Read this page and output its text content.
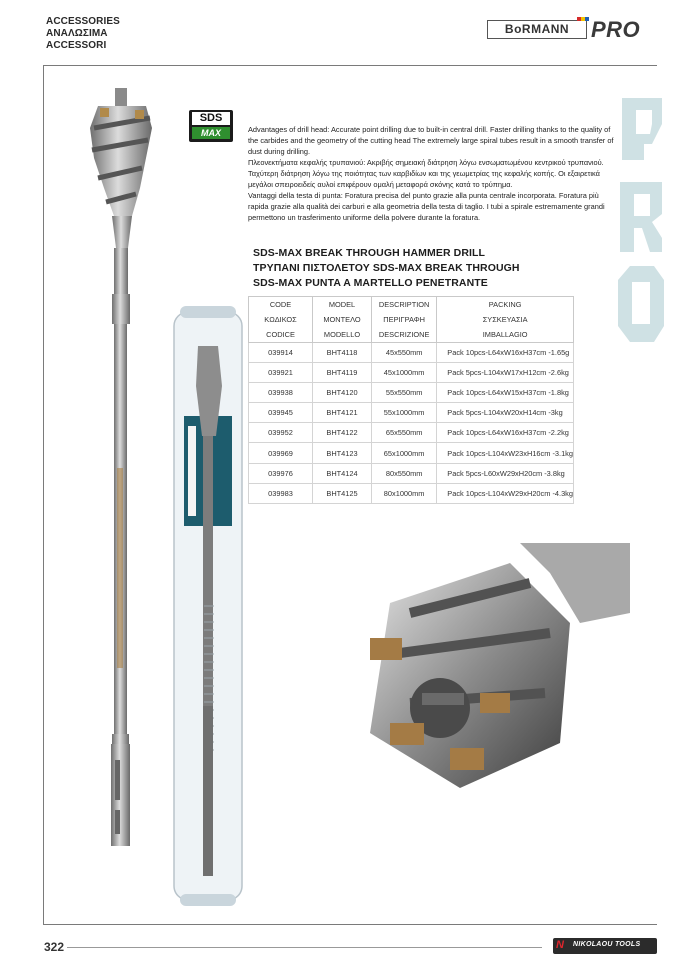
ACCESSORIES
ΑΝΑΛΩΣΙΜΑ
ACCESSORI
BoRMANN PRO
SDS
MAX	Advantages of drill head: Accurate point drilling due to built-in central drill. Faster drilling thanks to the quality of the carbides and the geometry of the cutting head The extremely large spiral tubes result in a smooth transfer of dust during drilling.

Πλεονεκτήματα κεφαλής τρυπανιού: Ακριβής σημειακή διάτρηση λόγω ενσωματωμένου κεντρικού τρυπανιού. Ταχύτερη διάτρηση λόγω της ποιότητας των καρβιδίων και της γεωμετρίας της κεφαλής κοπής. Οι εξαιρετικά μεγάλοι σπειροειδείς αυλοί επιφέρουν ομαλή μεταφορά σκόνης κατά το τρύπημα.

Vantaggi della testa di punta: Foratura precisa del punto grazie alla punta centrale incorporata. Foratura più rapida grazie alla qualità dei carburi e alla geometria della testa di taglio. I tubi a spirale estremamente grandi permettono un trasferimento uniforme della polvere durante la foratura.

SDS-MAX BREAK THROUGH HAMMER DRILL
ΤΡΥΠΑΝΙ ΠΙΣΤΟΛΕΤΟΥ SDS-MAX BREAK THROUGH
SDS-MAX PUNTA A MARTELLO PENETRANTE
CODE	MODEL	DESCRIPTION	PACKING
ΚΩΔΙΚΟΣ	ΜΟΝΤΕΛΟ	ΠΕΡΙΓΡΑΦΗ	ΣΥΣΚΕΥΑΣΙΑ
CODICE	MODELLO	DESCRIZIONE	IMBALLAGIO
039914	BHT4118	45x550mm	Pack 10pcs-L64xW16xH37cm -1.65g
039921	BHT4119	45x1000mm	Pack 5pcs-L104xW17xH12cm -2.6kg
039938	BHT4120	55x550mm	Pack 10pcs-L64xW15xH37cm -1.8kg
039945	BHT4121	55x1000mm	Pack 5pcs-L104xW20xH14cm -3kg
039952	BHT4122	65x550mm	Pack 10pcs-L64xW16xH37cm -2.2kg
039969	BHT4123	65x1000mm	Pack 10pcs-L104xW23xH16cm -3.1kg
039976	BHT4124	80x550mm	Pack 5pcs-L60xW29xH20cm -3.8kg
039983	BHT4125	80x1000mm	Pack 10pcs-L104xW29xH20cm -4.3kg
322	N NIKOLAOU TOOLS
